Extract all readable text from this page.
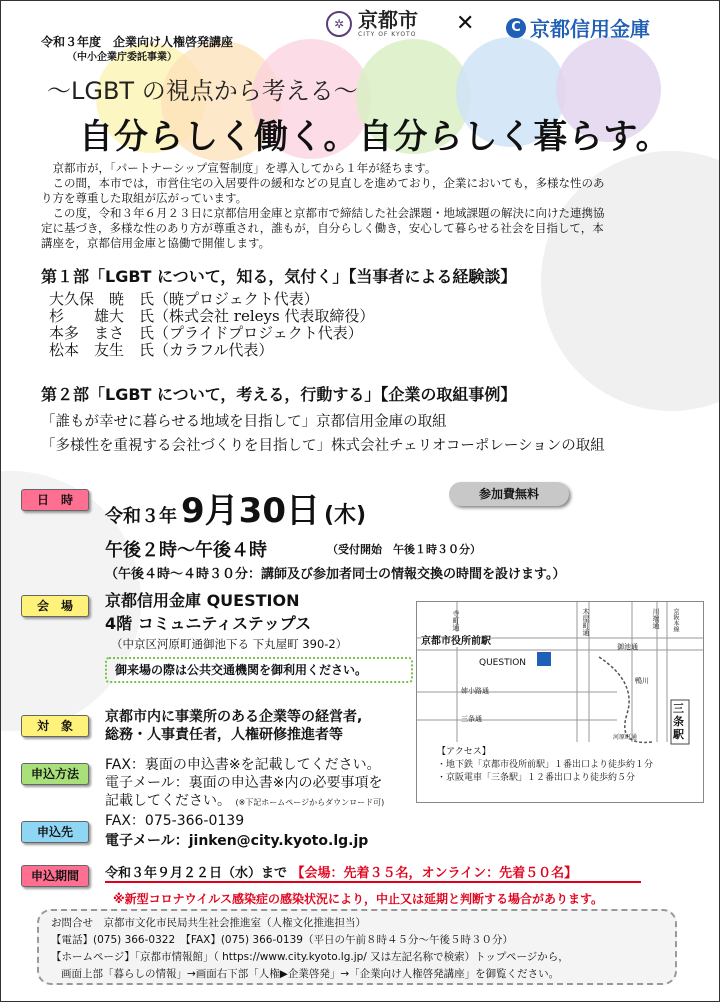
令和３年度　企業向け人権啓発講座
（中小企業庁委託事業）
✲ 京都市
CITY OF KYOTO ✕	C 京都信用金庫
～LGBT の視点から考える～
自分らしく働く。自分らしく暮らす。
　京都市が，「パートナーシップ宣誓制度」を導入してから１年が経ちます。
　この間，本市では，市営住宅の入居要件の緩和などの見直しを進めており，企業においても，多様な性のあ
り方を尊重した取組が広がっています。
　この度，令和３年６月２３日に京都信用金庫と京都市で締結した社会課題・地域課題の解決に向けた連携協
定に基づき，多様な性のあり方が尊重され，誰もが，自分らしく働き，安心して暮らせる社会を目指して，本
講座を，京都信用金庫と協働で開催します。
第１部「LGBT について，知る，気付く」【当事者による経験談】
大久保　暁　氏（暁プロジェクト代表）
杉　　雄大　氏（株式会社 releys 代表取締役）
本多　まさ　氏（プライドプロジェクト代表）
松本　友生　氏（カラフル代表）
第２部「LGBT について，考える，行動する」【企業の取組事例】
「誰もが幸せに暮らせる地域を目指して」京都信用金庫の取組
「多様性を重視する会社づくりを目指して」株式会社チェリオコーポレーションの取組
日　時
令和３年 9月30日 (木)
参加費無料
午後２時～午後４時	（受付開始　午後１時３０分）
（午後４時～４時３０分：講師及び参加者同士の情報交換の時間を設けます。）
会　場	京都信用金庫 QUESTION
4階 コミュニティステップス
（中京区河原町通御池下る 下丸屋町 390-2）
御来場の際は公共交通機関を御利用ください。
京都市役所前駅
QUESTION
三条駅
寺町通	木屋町通	川端通 京阪本線
御池通
姉小路通
三条通
鴨川
河原町通
【アクセス】
・地下鉄「京都市役所前駅」１番出口より徒歩約１分
・京阪電車「三条駅」１２番出口より徒歩約５分
対　象
京都市内に事業所のある企業等の経営者,
総務・人事責任者，人権研修推進者等
申込方法
FAX：裏面の申込書※を記載してください。
電子メール：裏面の申込書※内の必要事項を
記載してください。 (※下記ホームページからダウンロード可)
申込先
FAX：075-366-0139
電子メール：jinken@city.kyoto.lg.jp
申込期間	令和３年９月２２日（水）まで 【会場：先着３５名，オンライン：先着５０名】
※新型コロナウイルス感染症の感染状況により，中止又は延期と判断する場合があります。
お問合せ　京都市文化市民局共生社会推進室（人権文化推進担当）
【電話】(075) 366-0322　【FAX】(075) 366-0139（平日の午前８時４５分～午後５時３０分）
【ホームページ】「京都市情報館」（ https://www.city.kyoto.lg.jp/ 又は左記名称で検索）トップページから，
画面上部「暮らしの情報」→画面右下部「人権▶企業啓発」→「企業向け人権啓発講座」を御覧ください。
